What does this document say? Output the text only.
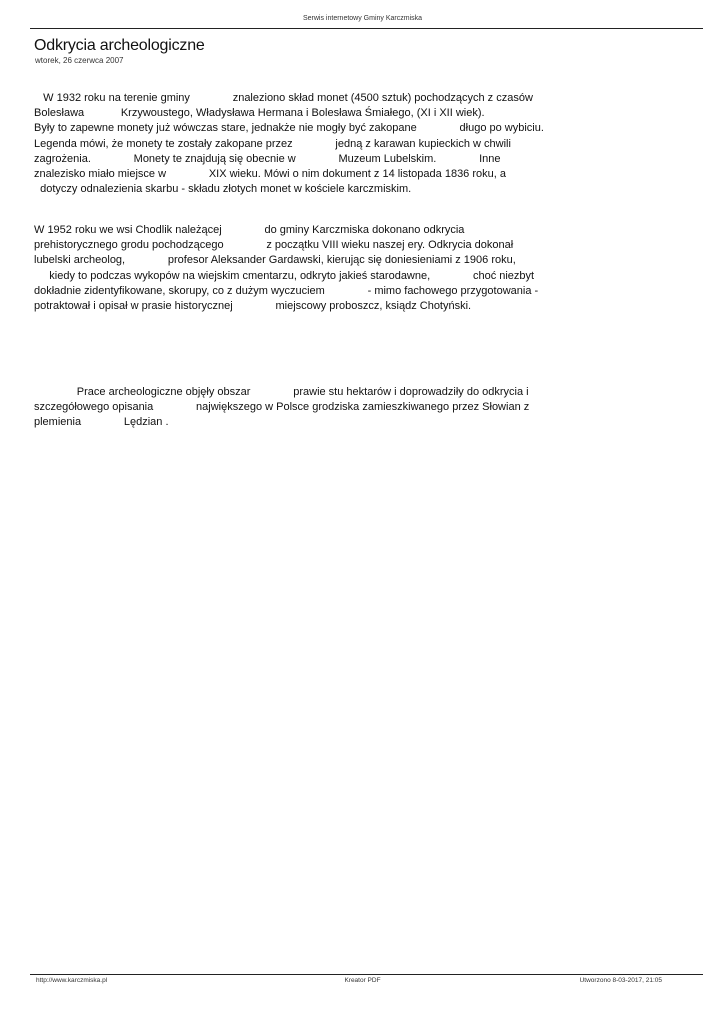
Serwis internetowy Gminy Karczmiska
Odkrycia archeologiczne
wtorek, 26 czerwca 2007
W 1932 roku na terenie gminy              znaleziono skład monet (4500 sztuk) pochodzących z czasów
Bolesława            Krzywoustego, Władysława Hermana i Bolesława Śmiałego, (XI i XII wiek).
Były to zapewne monety już wówczas stare, jednakże nie mogły być zakopane              długo po wybiciu.
Legenda mówi, że monety te zostały zakopane przez              jedną z karawan kupieckich w chwili
zagrożenia.              Monety te znajdują się obecnie w              Muzeum Lubelskim.              Inne
znalezisko miało miejsce w              XIX wieku. Mówi o nim dokument z 14 listopada 1836 roku, a
dotyczy odnalezienia skarbu - składu złotych monet w kościele karczmiskim.
W 1952 roku we wsi Chodlik należącej              do gminy Karczmiska dokonano odkrycia
prehistorycznego grodu pochodzącego              z początku VIII wieku naszej ery. Odkrycia dokonał
lubelski archeolog,              profesor Aleksander Gardawski, kierując się doniesieniami z 1906 roku,
kiedy to podczas wykopów na wiejskim cmentarzu, odkryto jakieś starodawne,              choć niezbyt
dokładnie zidentyfikowane, skorupy, co z dużym wyczuciem              - mimo fachowego przygotowania -
potraktował i opisał w prasie historycznej              miejscowy proboszcz, ksiądz Chotyński.
Prace archeologiczne objęły obszar              prawie stu hektarów i doprowadziły do odkrycia i
szczegółowego opisania              największego w Polsce grodziska zamieszkiwanego przez Słowian z
plemienia              Lędzian .
http://www.karczmiska.pl	Kreator PDF	Utworzono 8-03-2017, 21:05
